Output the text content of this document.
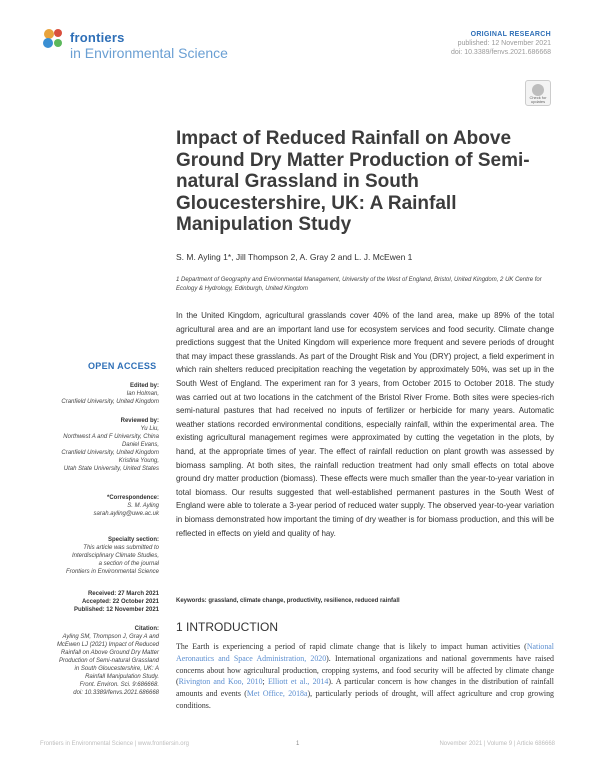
frontiers
in Environmental Science
ORIGINAL RESEARCH
published: 12 November 2021
doi: 10.3389/fenvs.2021.686668
Check for updates
Impact of Reduced Rainfall on Above Ground Dry Matter Production of Semi-natural Grassland in South Gloucestershire, UK: A Rainfall Manipulation Study
S. M. Ayling 1*, Jill Thompson 2, A. Gray 2 and L. J. McEwen 1
1 Department of Geography and Environmental Management, University of the West of England, Bristol, United Kingdom, 2 UK Centre for Ecology & Hydrology, Edinburgh, United Kingdom
In the United Kingdom, agricultural grasslands cover 40% of the land area, make up 89% of the total agricultural area and are an important land use for ecosystem services and food security. Climate change predictions suggest that the United Kingdom will experience more frequent and severe periods of drought that may impact these grasslands. As part of the Drought Risk and You (DRY) project, a field experiment in which rain shelters reduced precipitation reaching the vegetation by approximately 50%, was set up in the South West of England. The experiment ran for 3 years, from October 2015 to October 2018. The study was carried out at two locations in the catchment of the Bristol River Frome. Both sites were species-rich semi-natural pastures that had received no inputs of fertilizer or herbicide for many years. Automatic weather stations recorded environmental conditions, especially rainfall, within the experimental area. The existing agricultural management regimes were approximated by cutting the vegetation in the plots, by hand, at the appropriate times of year. The effect of rainfall reduction on plant growth was assessed by biomass sampling. At both sites, the rainfall reduction treatment had only small effects on total above ground dry matter production (biomass). These effects were much smaller than the year-to-year variation in total biomass. Our results suggested that well-established permanent pastures in the South West of England were able to tolerate a 3-year period of reduced water supply. The observed year-to-year variation in biomass demonstrated how important the timing of dry weather is for biomass production, and this will be reflected in effects on yield and quality of hay.
Keywords: grassland, climate change, productivity, resilience, reduced rainfall
1 INTRODUCTION
The Earth is experiencing a period of rapid climate change that is likely to impact human activities (National Aeronautics and Space Administration, 2020). International organizations and national governments have raised concerns about how agricultural production, cropping systems, and food security will be affected by climate change (Rivington and Koo, 2010; Elliott et al., 2014). A particular concern is how changes in the distribution of rainfall amounts and events (Met Office, 2018a), particularly periods of drought, will affect agriculture and crop growing conditions.
OPEN ACCESS
Edited by:
Ian Holman,
Cranfield University, United Kingdom
Reviewed by:
Yu Liu,
Northwest A and F University, China
Daniel Evans,
Cranfield University, United Kingdom
Kristina Young,
Utah State University, United States
*Correspondence:
S. M. Ayling
sarah.ayling@uwe.ac.uk
Specialty section:
This article was submitted to
Interdisciplinary Climate Studies,
a section of the journal
Frontiers in Environmental Science
Received: 27 March 2021
Accepted: 22 October 2021
Published: 12 November 2021
Citation:
Ayling SM, Thompson J, Gray A and
McEwen LJ (2021) Impact of Reduced
Rainfall on Above Ground Dry Matter
Production of Semi-natural Grassland
in South Gloucestershire, UK: A
Rainfall Manipulation Study.
Front. Environ. Sci. 9:686668.
doi: 10.3389/fenvs.2021.686668
Frontiers in Environmental Science | www.frontiersin.org	1	November 2021 | Volume 9 | Article 686668
